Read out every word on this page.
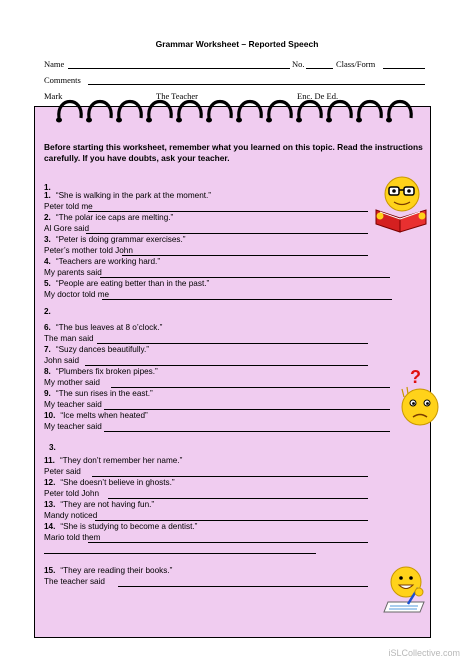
Grammar Worksheet – Reported Speech
Name	No.	Class/Form
Comments
Mark	The Teacher	Enc. De Ed.
Before starting this worksheet, remember what you learned on this topic. Read the instructions carefully. If you have doubts, ask your teacher.
1.
2.
3.
1. “She is walking in the park at the moment.”
Peter told me
2. “The polar ice caps are melting.”
Al Gore said
3. “Peter is doing grammar exercises.”
Peter’s mother told John
4. “Teachers are working hard.”
My parents said
5. “People are eating better than in the past.”
My doctor told me
6. “The bus leaves at 8 o’clock.”
The man said
7. “Suzy dances beautifully.”
John said
8. “Plumbers fix broken pipes.”
My mother said
9. “The sun rises in the east.”
My teacher said
10. “Ice melts when heated”
My teacher said
11. “They don’t remember her name.”
Peter said
12. “She doesn’t believe in ghosts.”
Peter told John
13. “They are not having fun.”
Mandy noticed
14. “She is studying to become a dentist.”
Mario told them
15. “They are reading their books.”
The teacher said
?
iSLCollective.com
